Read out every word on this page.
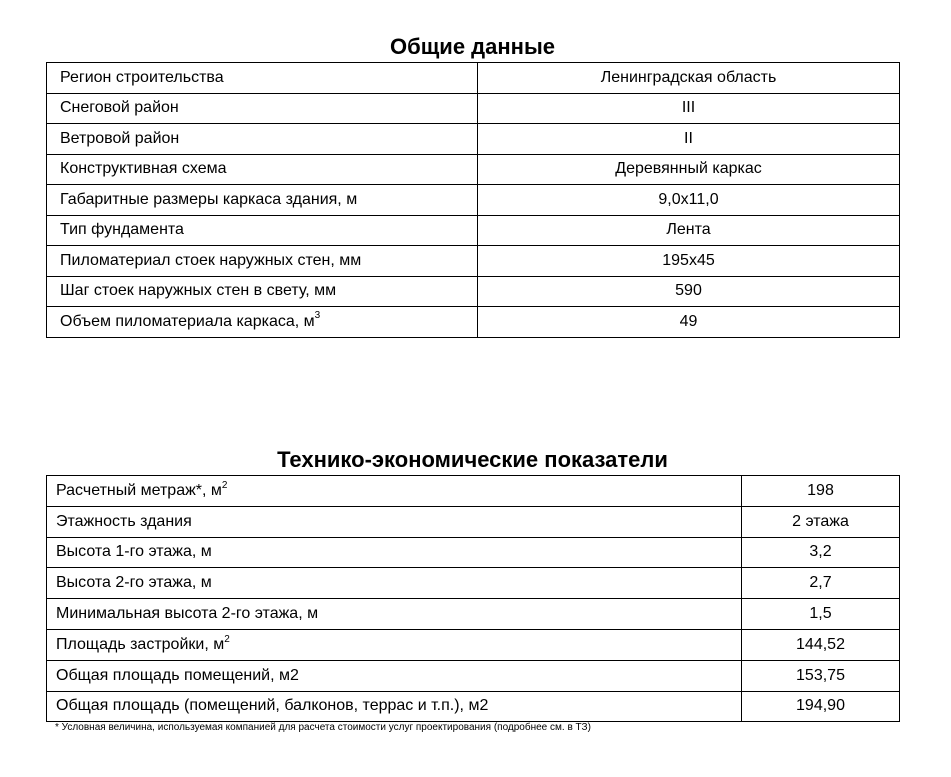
Общие данные
Регион строительства	Ленинградская область
Снеговой район	III
Ветровой район	II
Конструктивная схема	Деревянный каркас
Габаритные размеры каркаса здания, м	9,0х11,0
Тип фундамента	Лента
Пиломатериал стоек наружных стен, мм	195х45
Шаг стоек наружных стен в свету, мм	590
Объем пиломатериала каркаса, $м^3$	49
Технико-экономические показатели
Расчетный метраж*, $м^2$	198
Этажность здания	2 этажа
Высота 1-го этажа, м	3,2
Высота 2-го этажа, м	2,7
Минимальная высота 2-го этажа, м	1,5
Площадь застройки, $м^2$	144,52
Общая площадь помещений, м2	153,75
Общая площадь (помещений, балконов, террас и т.п.), м2	194,90
* Условная величина, используемая компанией для расчета стоимости услуг проектирования (подробнее см. в ТЗ)
